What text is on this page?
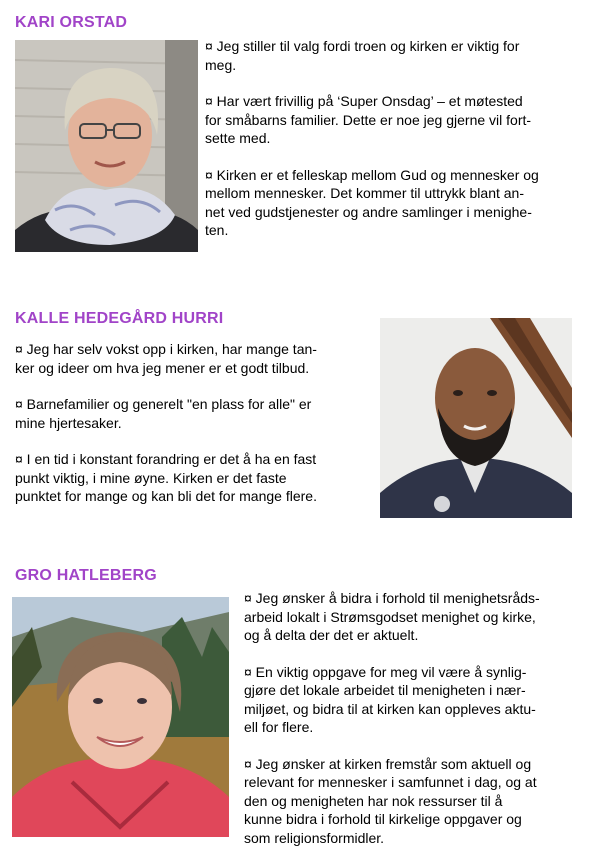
KARI ORSTAD

¤ Jeg stiller til valg fordi troen og kirken er viktig for
meg.

¤ Har vært frivillig på ‘Super Onsdag’ – et møtested
for småbarns familier. Dette er noe jeg gjerne vil fort-
sette med.

¤ Kirken er et felleskap mellom Gud og mennesker og
mellom mennesker. Det kommer til uttrykk blant an-
net ved gudstjenester og andre samlinger i menighe-
ten.

KALLE HEDEGÅRD HURRI

¤ Jeg har selv vokst opp i kirken, har mange tan-
ker og ideer om hva jeg mener er et godt tilbud.

¤ Barnefamilier og generelt "en plass for alle" er
mine hjertesaker.

¤ I en tid i konstant forandring er det å ha en fast
punkt viktig, i mine øyne. Kirken er det faste
punktet for mange og kan bli det for mange flere.

GRO HATLEBERG

¤ Jeg ønsker å bidra i forhold til menighetsråds-
arbeid lokalt i Strømsgodset menighet og kirke,
og å delta der det er aktuelt.

¤ En viktig oppgave for meg vil være å synlig-
gjøre det lokale arbeidet til menigheten i nær-
miljøet, og bidra til at kirken kan oppleves aktu-
ell for flere.

¤ Jeg ønsker at kirken fremstår som aktuell og
relevant for mennesker i samfunnet i dag, og at
den og menigheten har nok ressurser til å
kunne bidra i forhold til kirkelige oppgaver og
som religionsformidler.
